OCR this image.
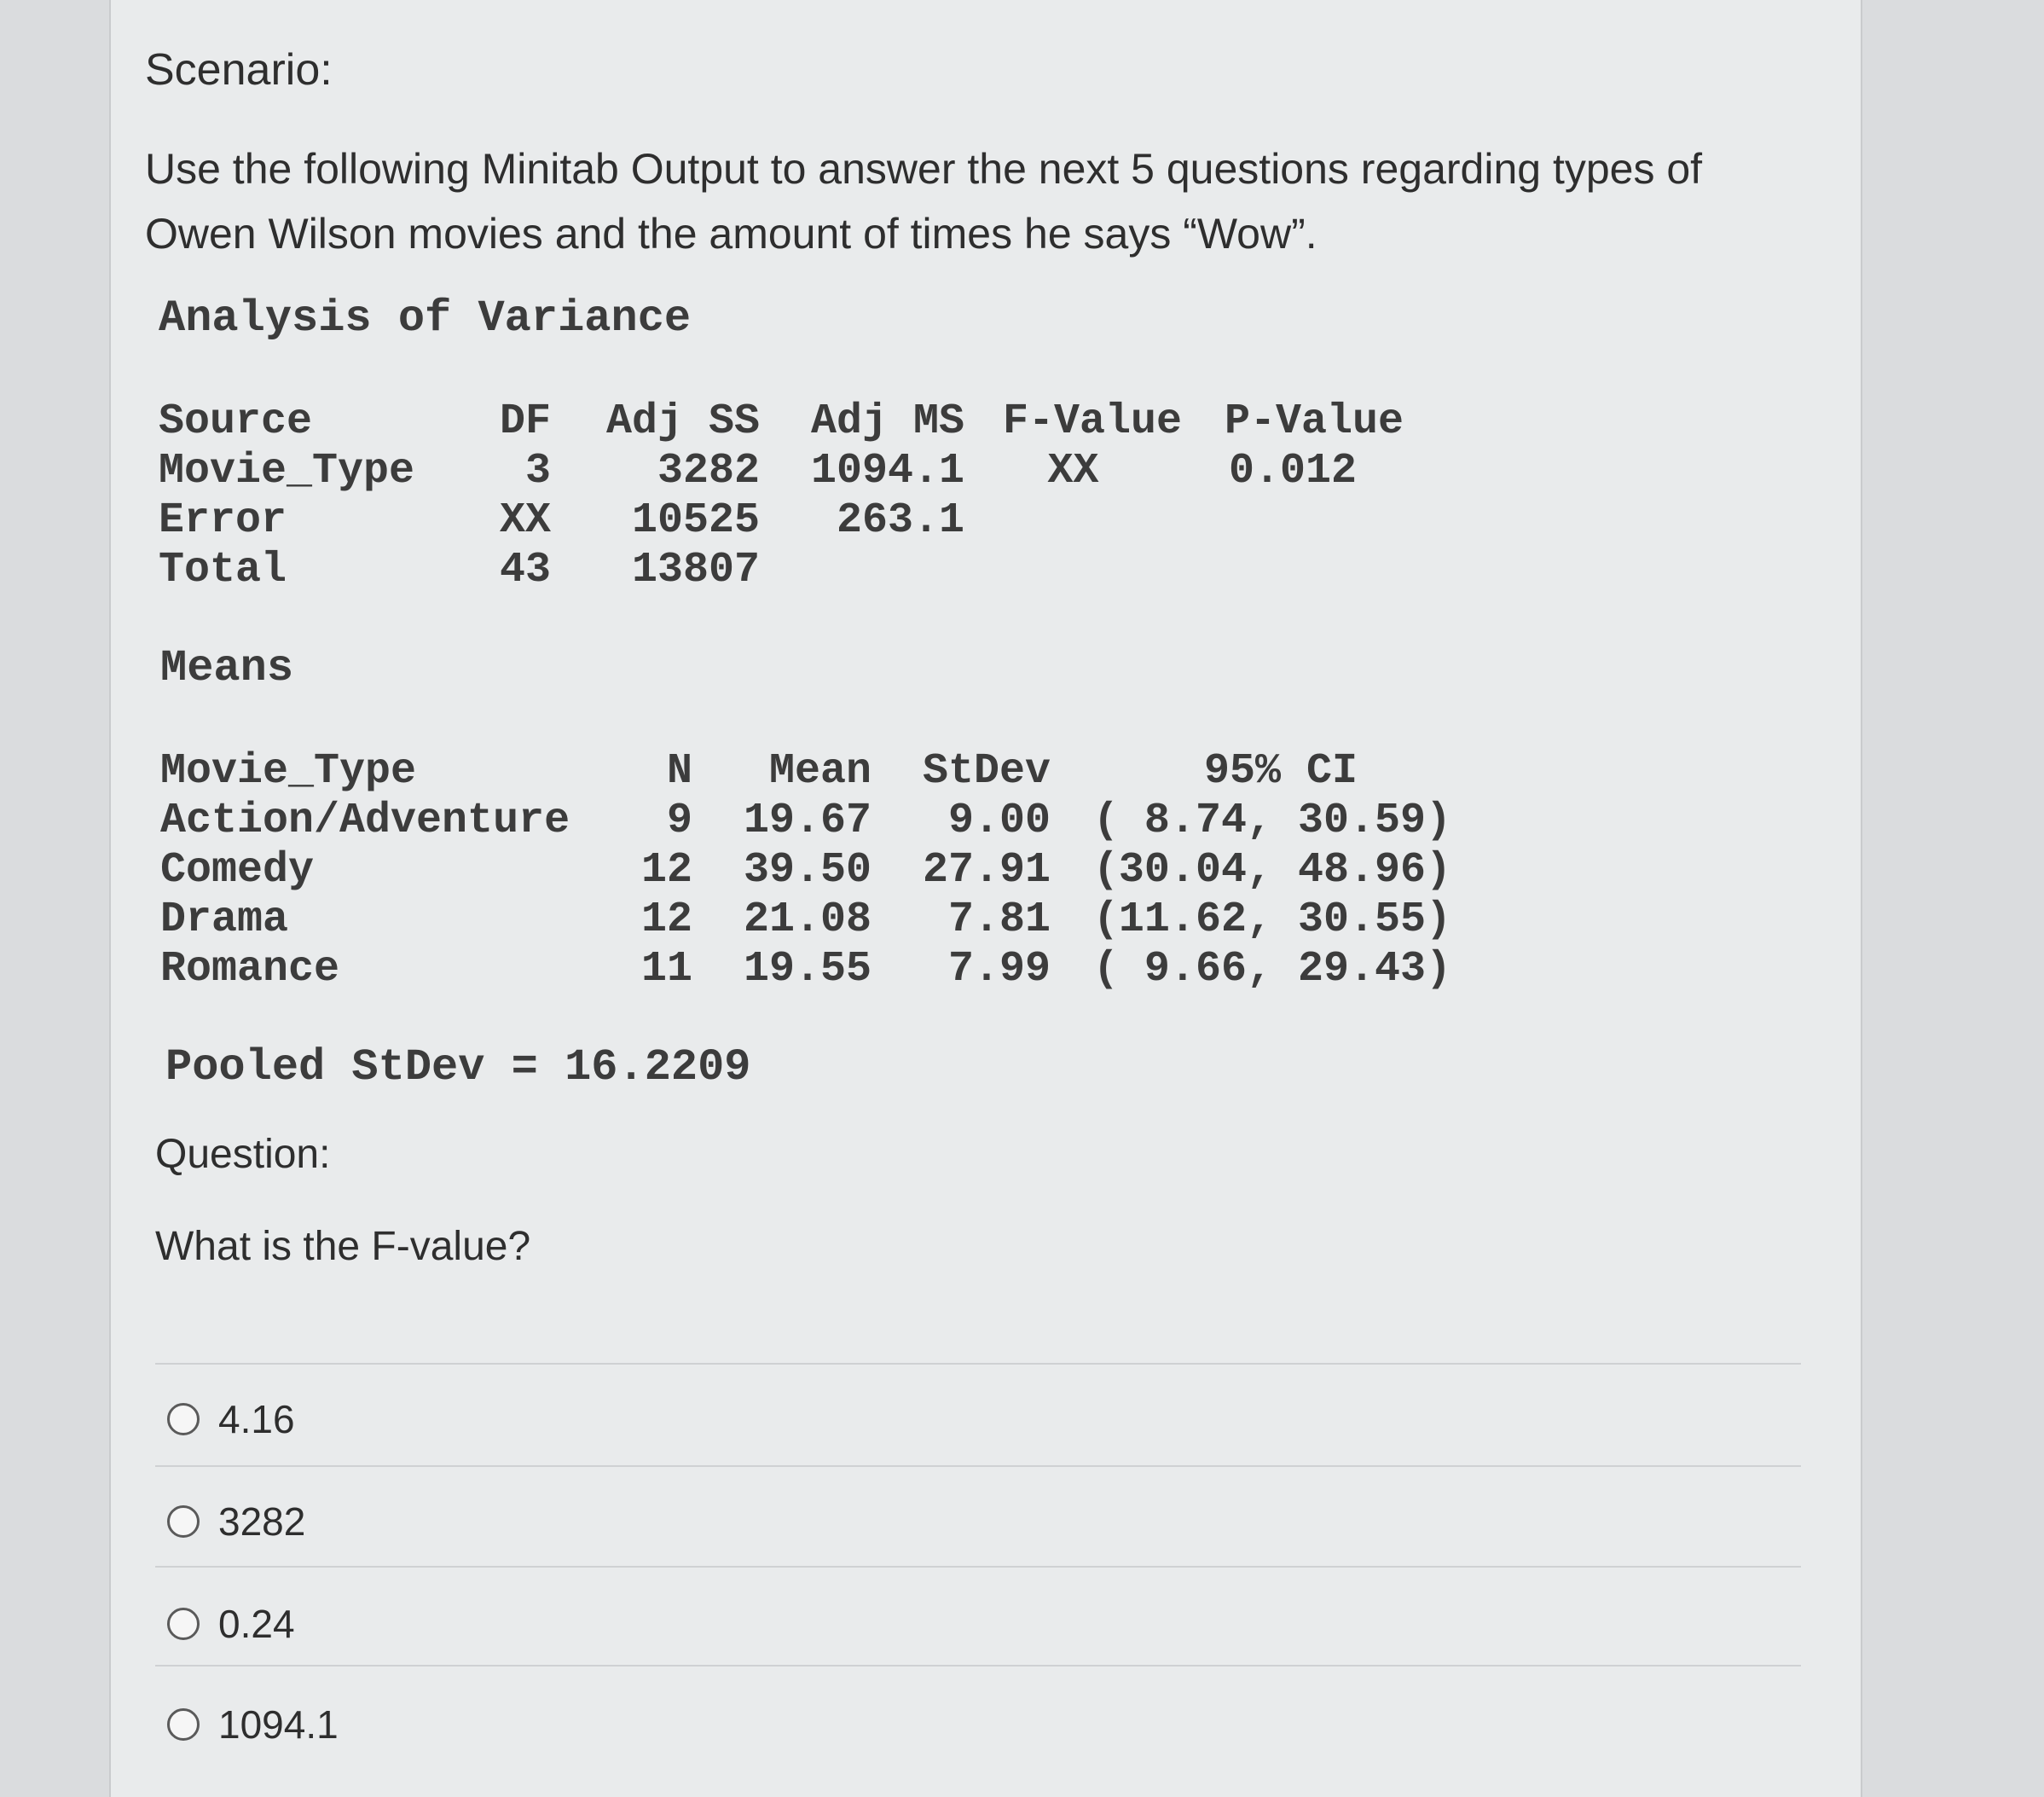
Scenario:
Use the following Minitab Output to answer the next 5 questions regarding types of Owen Wilson movies and the amount of times he says “Wow”.
Analysis of Variance
Source	DF	Adj SS	Adj MS	F-Value	P-Value
Movie_Type	3	3282	1094.1	XX	0.012
Error	XX	10525	263.1		
Total	43	13807			
Means
Movie_Type	N	Mean	StDev	95% CI
Action/Adventure	9	19.67	9.00	( 8.74, 30.59)
Comedy	12	39.50	27.91	(30.04, 48.96)
Drama	12	21.08	7.81	(11.62, 30.55)
Romance	11	19.55	7.99	( 9.66, 29.43)
Pooled StDev = 16.2209
Question:
What is the F-value?
4.16
3282
0.24
1094.1
